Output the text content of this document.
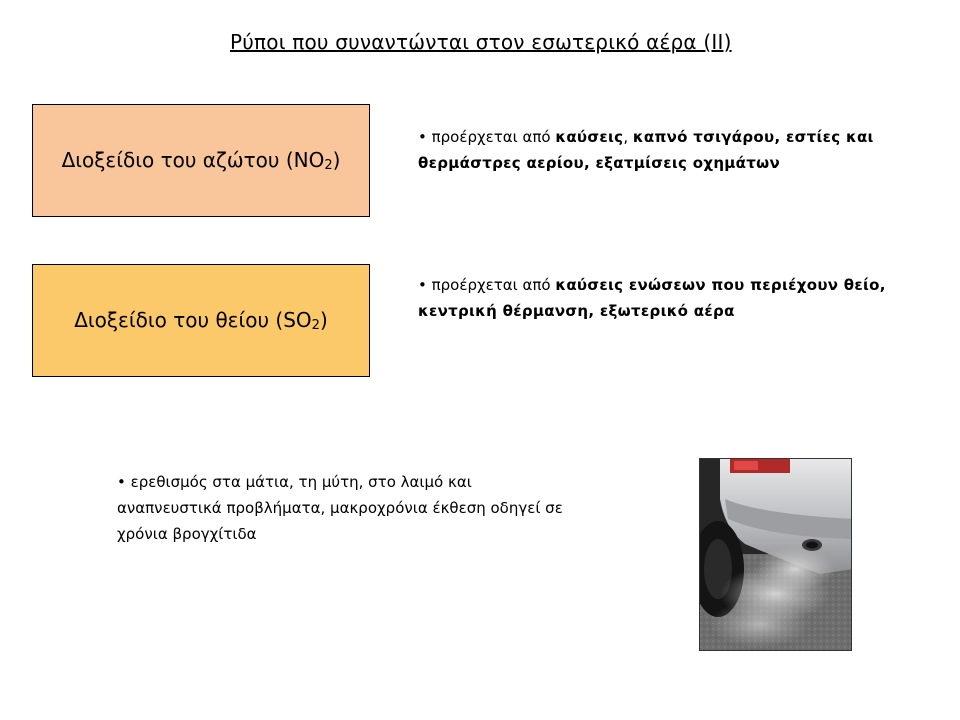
Ρύποι που συναντώνται στον εσωτερικό αέρα (ΙΙ)
Διοξείδιο του αζώτου $(NO_2)$
• προέρχεται από καύσεις, καπνό τσιγάρου, εστίες και θερμάστρες αερίου, εξατμίσεις οχημάτων
Διοξείδιο του θείου $(SO_2)$
• προέρχεται από καύσεις ενώσεων που περιέχουν θείο, κεντρική θέρμανση, εξωτερικό αέρα
• ερεθισμός στα μάτια, τη μύτη, στο λαιμό και αναπνευστικά προβλήματα, μακροχρόνια έκθεση οδηγεί σε χρόνια βρογχίτιδα
